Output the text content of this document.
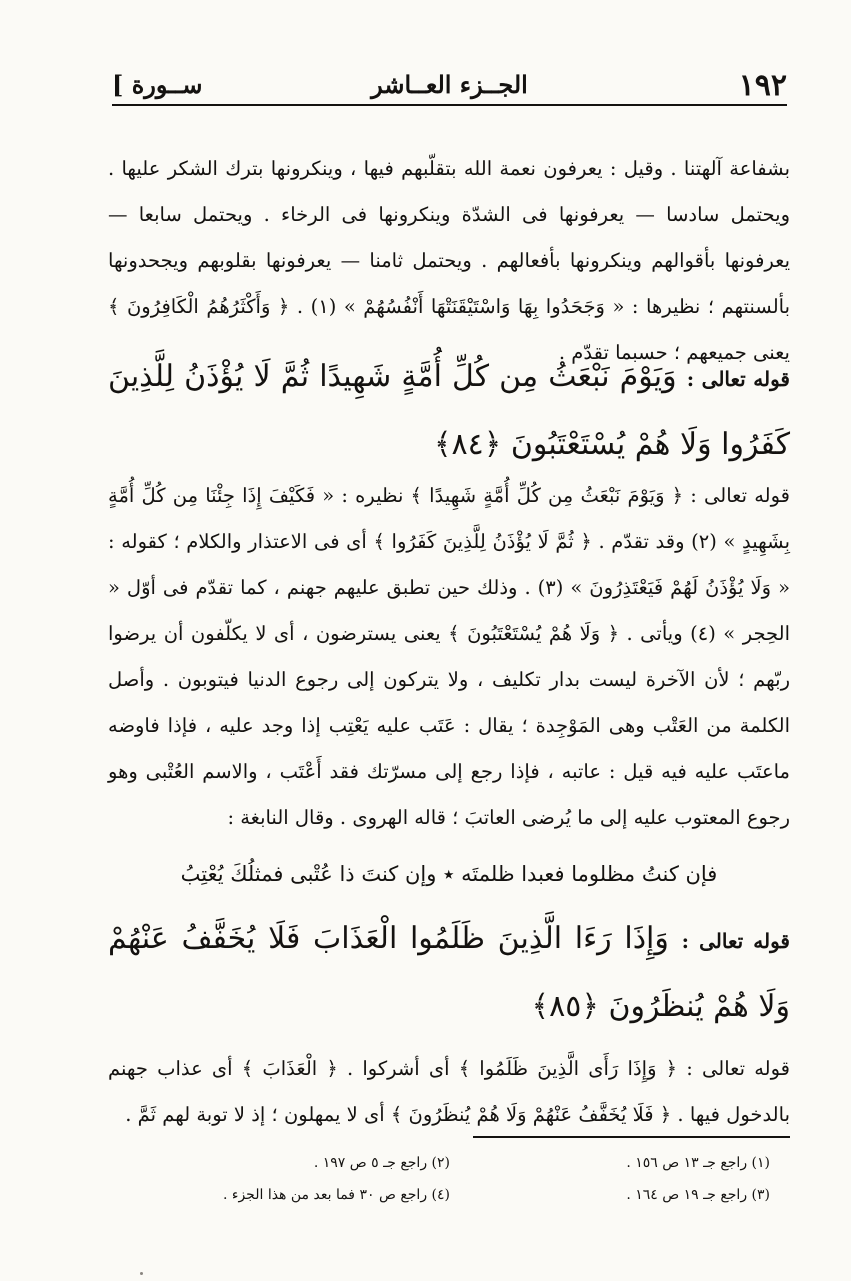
١٩٢
الجــزء العــاشر
[ ســورة
بشفاعة آلهتنا . وقيل : يعرفون نعمة الله بتقلّبهم فيها ، وينكرونها بترك الشكر عليها . ويحتمل سادسا — يعرفونها فى الشدّة وينكرونها فى الرخاء . ويحتمل سابعا — يعرفونها بأقوالهم وينكرونها بأفعالهم . ويحتمل ثامنا — يعرفونها بقلوبهم ويجحدونها بألسنتهم ؛ نظيرها : « وَجَحَدُوا بِهَا وَاسْتَيْقَنَتْهَا أَنْفُسُهُمْ » (١) . ﴿ وَأَكْثَرُهُمُ الْكَافِرُونَ ﴾ يعنى جميعهم ؛ حسبما تقدّم .
قوله تعالى : وَيَوْمَ نَبْعَثُ مِن كُلِّ أُمَّةٍ شَهِيدًا ثُمَّ لَا يُؤْذَنُ لِلَّذِينَ كَفَرُوا وَلَا هُمْ يُسْتَعْتَبُونَ ﴿٨٤﴾
قوله تعالى : ﴿ وَيَوْمَ نَبْعَثُ مِن كُلِّ أُمَّةٍ شَهِيدًا ﴾ نظيره : « فَكَيْفَ إِذَا جِئْنَا مِن كُلِّ أُمَّةٍ بِشَهِيدٍ » (٢) وقد تقدّم . ﴿ ثُمَّ لَا يُؤْذَنُ لِلَّذِينَ كَفَرُوا ﴾ أى فى الاعتذار والكلام ؛ كقوله : « وَلَا يُؤْذَنُ لَهُمْ فَيَعْتَذِرُونَ » (٣) . وذلك حين تطبق عليهم جهنم ، كما تقدّم فى أوّل « الحِجر » (٤) ويأتى . ﴿ وَلَا هُمْ يُسْتَعْتَبُونَ ﴾ يعنى يسترضون ، أى لا يكلّفون أن يرضوا ربّهم ؛ لأن الآخرة ليست بدار تكليف ، ولا يتركون إلى رجوع الدنيا فيتوبون . وأصل الكلمة من العَتْب وهى المَوْجِدة ؛ يقال : عَتَب عليه يَعْتِب إذا وجد عليه ، فإذا فاوضه ماعتَب عليه فيه قيل : عاتبه ، فإذا رجع إلى مسرّتك فقد أَعْتَب ، والاسم العُتْبى وهو رجوع المعتوب عليه إلى ما يُرضى العاتبَ ؛ قاله الهروى . وقال النابغة :
فإن كنتُ مظلوما فعبدا ظلمتَه ٭ وإن كنتَ ذا عُتْبى فمثلُكَ يُعْتِبُ
قوله تعالى : وَإِذَا رَءَا الَّذِينَ ظَلَمُوا الْعَذَابَ فَلَا يُخَفَّفُ عَنْهُمْ وَلَا هُمْ يُنظَرُونَ ﴿٨٥﴾
قوله تعالى : ﴿ وَإِذَا رَأَى الَّذِينَ ظَلَمُوا ﴾ أى أشركوا . ﴿ الْعَذَابَ ﴾ أى عذاب جهنم بالدخول فيها . ﴿ فَلَا يُخَفَّفُ عَنْهُمْ وَلَا هُمْ يُنظَرُونَ ﴾ أى لا يمهلون ؛ إذ لا توبة لهم ثَمَّ .
(١) راجع جـ ١٣ ص ١٥٦ .
(٢) راجع جـ ٥ ص ١٩٧ .
(٣) راجع جـ ١٩ ص ١٦٤ .
(٤) راجع ص ٣٠ فما بعد من هذا الجزء .
